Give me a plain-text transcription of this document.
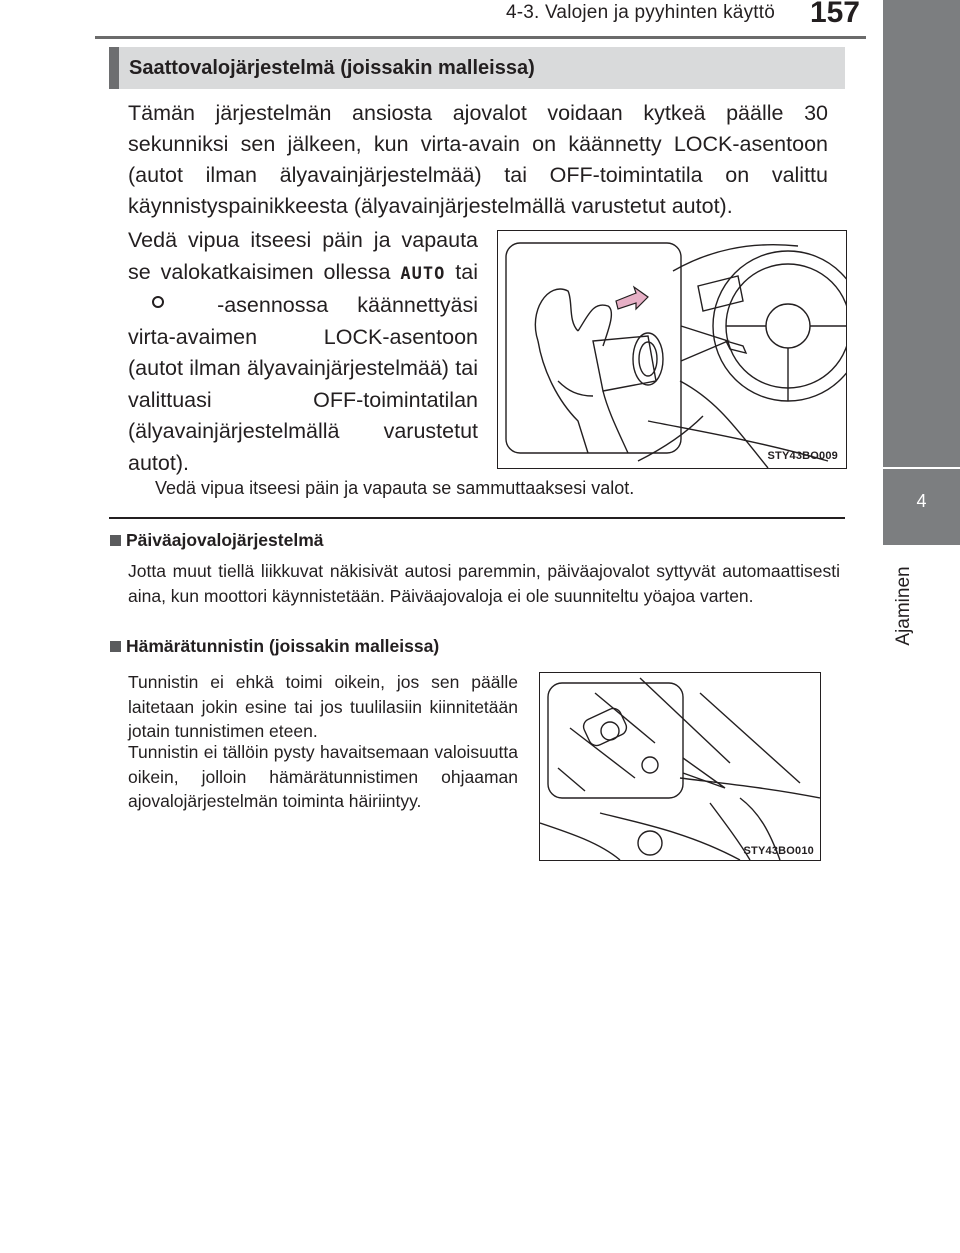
4-3. Valojen ja pyyhinten käyttö	157
4
Ajaminen
Saattovalojärjestelmä (joissakin malleissa)

Tämän järjestelmän ansiosta ajovalot voidaan kytkeä päälle 30 sekunniksi sen jälkeen, kun virta-avain on käännetty LOCK-asentoon (autot ilman älyavainjärjestelmää) tai OFF-toimintatila on valittu käynnistyspainikkeesta (älyavainjärjestelmällä varustetut autot).

Vedä vipua itseesi päin ja vapauta se valokatkaisimen ollessa AUTO tai  -asennossa käännettyäsi virta-avaimen LOCK-asentoon (autot ilman älyavainjärjestelmää) tai valittuasi OFF-toimintatilan (älyavainjärjestelmällä varustetut autot).	STY43BO009

Vedä vipua itseesi päin ja vapauta se sammuttaaksesi valot.

Päiväajovalojärjestelmä

Jotta muut tiellä liikkuvat näkisivät autosi paremmin, päiväajovalot syttyvät automaattisesti aina, kun moottori käynnistetään. Päiväajovaloja ei ole suunniteltu yöajoa varten.

Hämärätunnistin (joissakin malleissa)

Tunnistin ei ehkä toimi oikein, jos sen päälle laitetaan jokin esine tai jos tuulilasiin kiinnitetään jotain tunnistimen eteen.

Tunnistin ei tällöin pysty havaitsemaan valoisuutta oikein, jolloin hämärätunnistimen ohjaaman ajovalojärjestelmän toiminta häiriintyy.

STY43BO010
